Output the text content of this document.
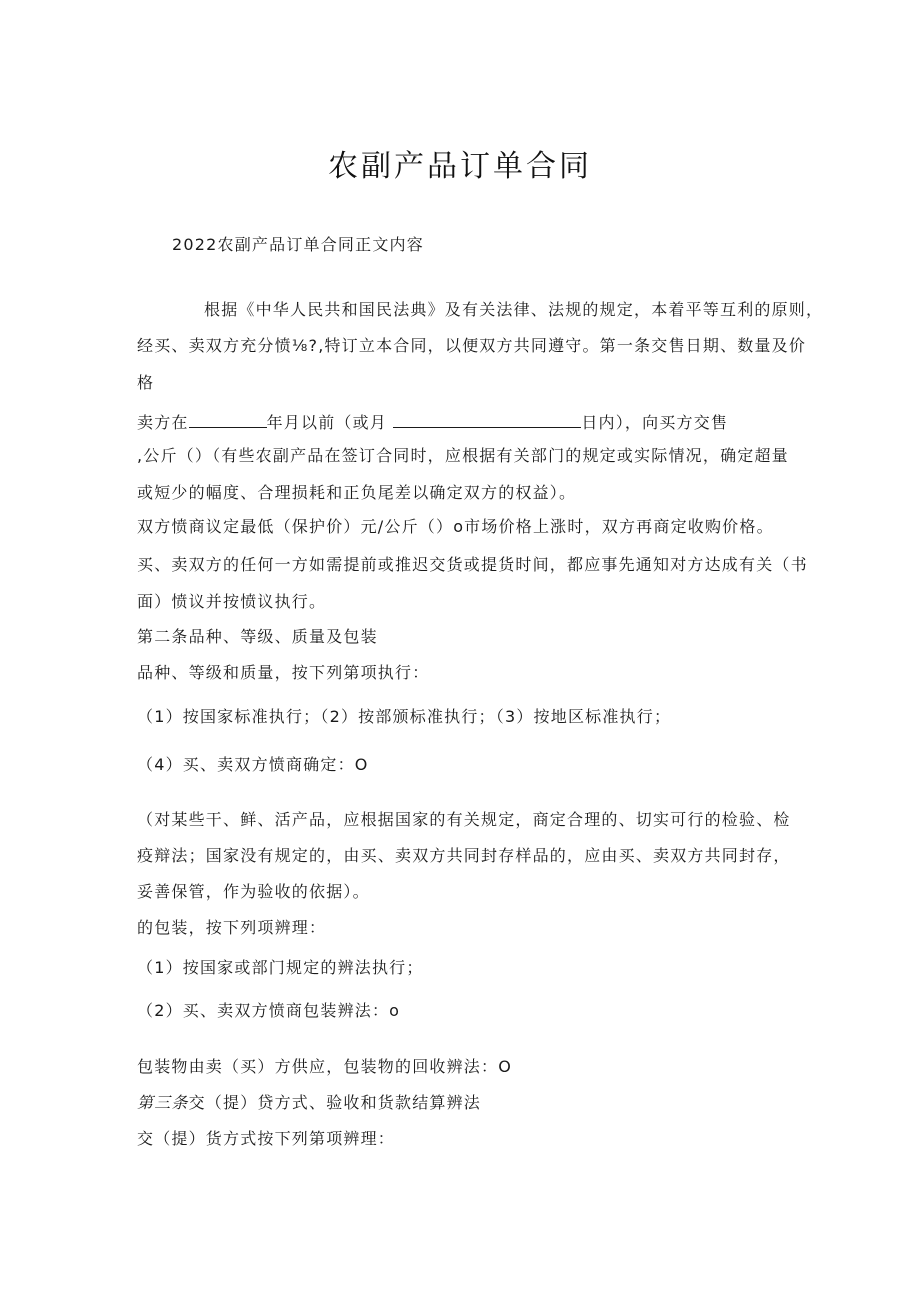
农副产品订单合同
2022农副产品订单合同正文内容
根据《中华人民共和国民法典》及有关法律、法规的规定，本着平等互利的原则，
经买、卖双方充分愤⅛?,特订立本合同，以便双方共同遵守。第一条交售日期、数量及价
格
卖方在	年月以前（或月	日内），向买方交售
,公斤（）（有些农副产品在签订合同时，应根据有关部门的规定或实际情况，确定超量
或短少的幅度、合理损耗和正负尾差以确定双方的权益）。
双方愤商议定最低（保护价）元/公斤（）o市场价格上涨时，双方再商定收购价格。
买、卖双方的任何一方如需提前或推迟交货或提货时间，都应事先通知对方达成有关（书
面）愤议并按愤议执行。
第二条品种、等级、质量及包装
品种、等级和质量，按下列第项执行：
（1）按国家标准执行；（2）按部颁标准执行；（3）按地区标准执行；
（4）买、卖双方愤商确定：O
（对某些干、鲜、活产品，应根据国家的有关规定，商定合理的、切实可行的检验、检
疫辩法；国家没有规定的，由买、卖双方共同封存样品的，应由买、卖双方共同封存，
妥善保管，作为验收的依据）。
的包装，按下列项辨理：
（1）按国家或部门规定的辨法执行；
（2）买、卖双方愤商包装辨法：o
包装物由卖（买）方供应，包装物的回收辨法：O
第三条交（提）贷方式、验收和货款结算辨法
交（提）货方式按下列第项辨理：
